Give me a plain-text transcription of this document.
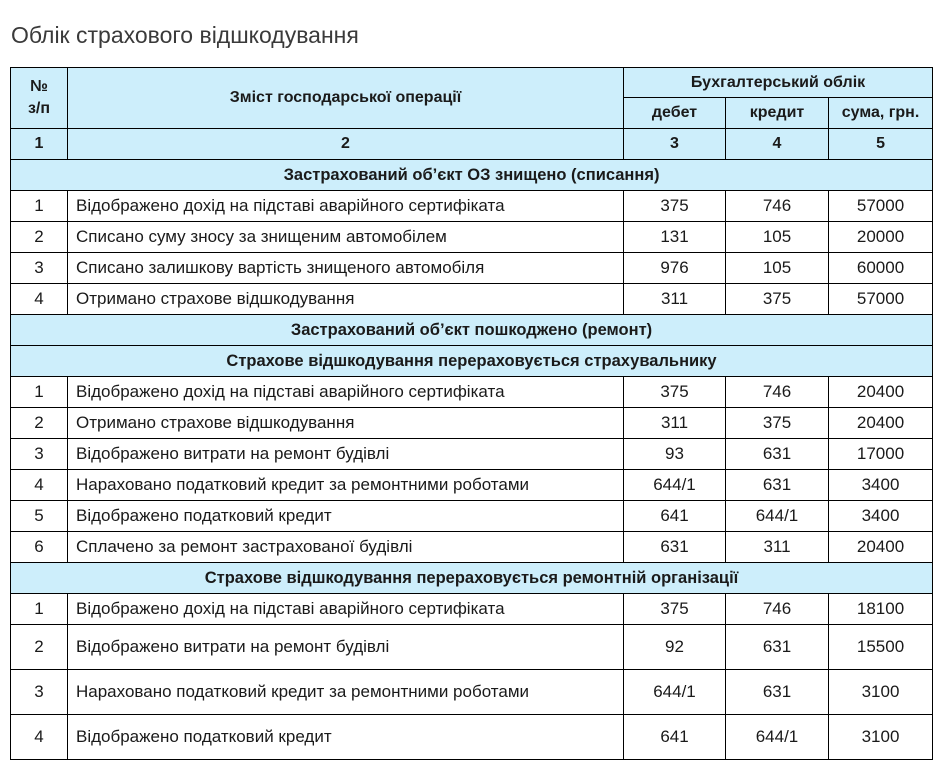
Облік страхового відшкодування
№ з/п	Зміст господарської операції	Бухгалтерський облік		
		дебет	кредит	сума, грн.
1	2	3	4	5
Застрахований об’єкт ОЗ знищено (списання)				
1	Відображено дохід на підставі аварійного сертифіката	375	746	57000
2	Списано суму зносу за знищеним автомобілем	131	105	20000
3	Списано залишкову вартість знищеного автомобіля	976	105	60000
4	Отримано страхове відшкодування	311	375	57000
Застрахований об’єкт пошкоджено (ремонт)				
Страхове відшкодування перераховується страхувальнику				
1	Відображено дохід на підставі аварійного сертифіката	375	746	20400
2	Отримано страхове відшкодування	311	375	20400
3	Відображено витрати на ремонт будівлі	93	631	17000
4	Нараховано податковий кредит за ремонтними роботами	644/1	631	3400
5	Відображено податковий кредит	641	644/1	3400
6	Сплачено за ремонт застрахованої будівлі	631	311	20400
Страхове відшкодування перераховується ремонтній організації				
1	Відображено дохід на підставі аварійного сертифіката	375	746	18100
2	Відображено витрати на ремонт будівлі	92	631	15500
3	Нараховано податковий кредит за ремонтними роботами	644/1	631	3100
4	Відображено податковий кредит	641	644/1	3100
